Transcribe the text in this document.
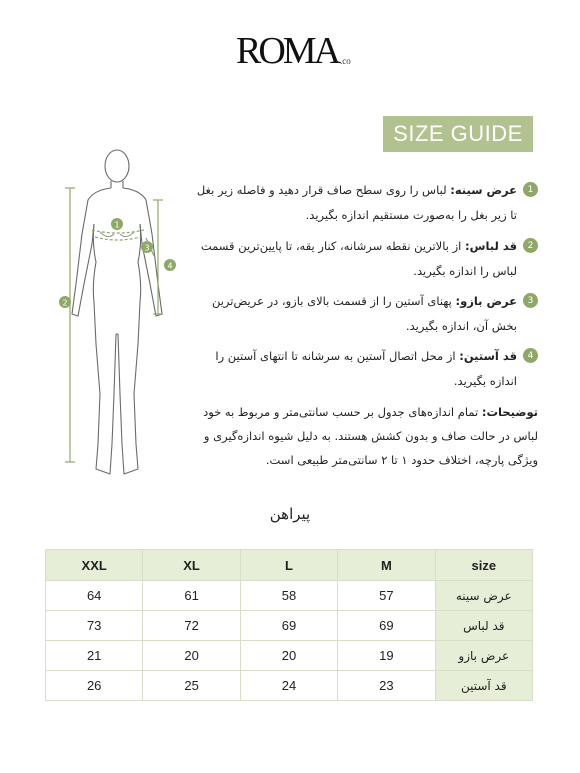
ROMA .co
SIZE GUIDE
1
2
3
4
1
عرض سینه: لباس را روی سطح صاف قرار دهید و فاصله زیر بغل تا زیر بغل را به‌صورت مستقیم اندازه بگیرید.
2
قد لباس: از بالاترین نقطه سرشانه، کنار یقه، تا پایین‌ترین قسمت لباس را اندازه بگیرید.
3
عرض بازو: پهنای آستین را از قسمت بالای بازو، در عریض‌ترین بخش آن، اندازه بگیرید.
4
قد آستین: از محل اتصال آستین به سرشانه تا انتهای آستین را اندازه بگیرید.
توضیحات: تمام اندازه‌های جدول بر حسب سانتی‌متر و مربوط به خود لباس در حالت صاف و بدون کشش هستند. به دلیل شیوه اندازه‌گیری و ویژگی پارچه، اختلاف حدود ۱ تا ۲ سانتی‌متر طبیعی است.
پیراهن
XXL	XL	L	M	size
64	61	58	57	عرض سینه
73	72	69	69	قد لباس
21	20	20	19	عرض بازو
26	25	24	23	قد آستین
